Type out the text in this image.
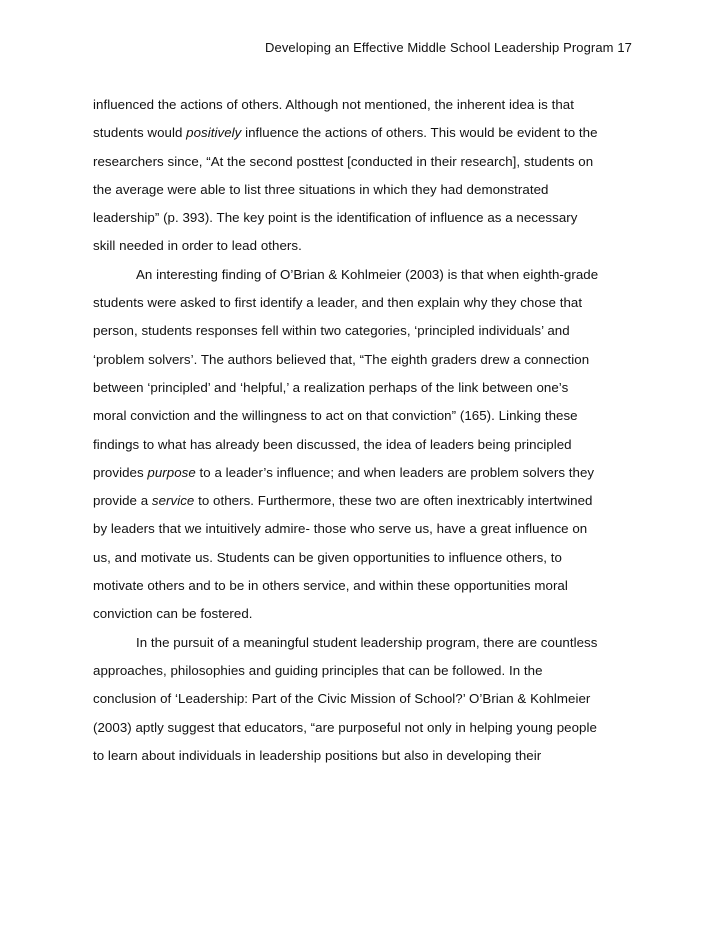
Developing an Effective Middle School Leadership Program 17
influenced the actions of others. Although not mentioned, the inherent idea is that
students would positively influence the actions of others. This would be evident to the
researchers since, “At the second posttest [conducted in their research], students on
the average were able to list three situations in which they had demonstrated
leadership” (p. 393). The key point is the identification of influence as a necessary
skill needed in order to lead others.
An interesting finding of O’Brian & Kohlmeier (2003) is that when eighth-grade
students were asked to first identify a leader, and then explain why they chose that
person, students responses fell within two categories, ‘principled individuals’ and
‘problem solvers’. The authors believed that, “The eighth graders drew a connection
between ‘principled’ and ‘helpful,’ a realization perhaps of the link between one’s
moral conviction and the willingness to act on that conviction” (165). Linking these
findings to what has already been discussed, the idea of leaders being principled
provides purpose to a leader’s influence; and when leaders are problem solvers they
provide a service to others. Furthermore, these two are often inextricably intertwined
by leaders that we intuitively admire- those who serve us, have a great influence on
us, and motivate us. Students can be given opportunities to influence others, to
motivate others and to be in others service, and within these opportunities moral
conviction can be fostered.
In the pursuit of a meaningful student leadership program, there are countless
approaches, philosophies and guiding principles that can be followed. In the
conclusion of ‘Leadership: Part of the Civic Mission of School?’ O’Brian & Kohlmeier
(2003) aptly suggest that educators, “are purposeful not only in helping young people
to learn about individuals in leadership positions but also in developing their
